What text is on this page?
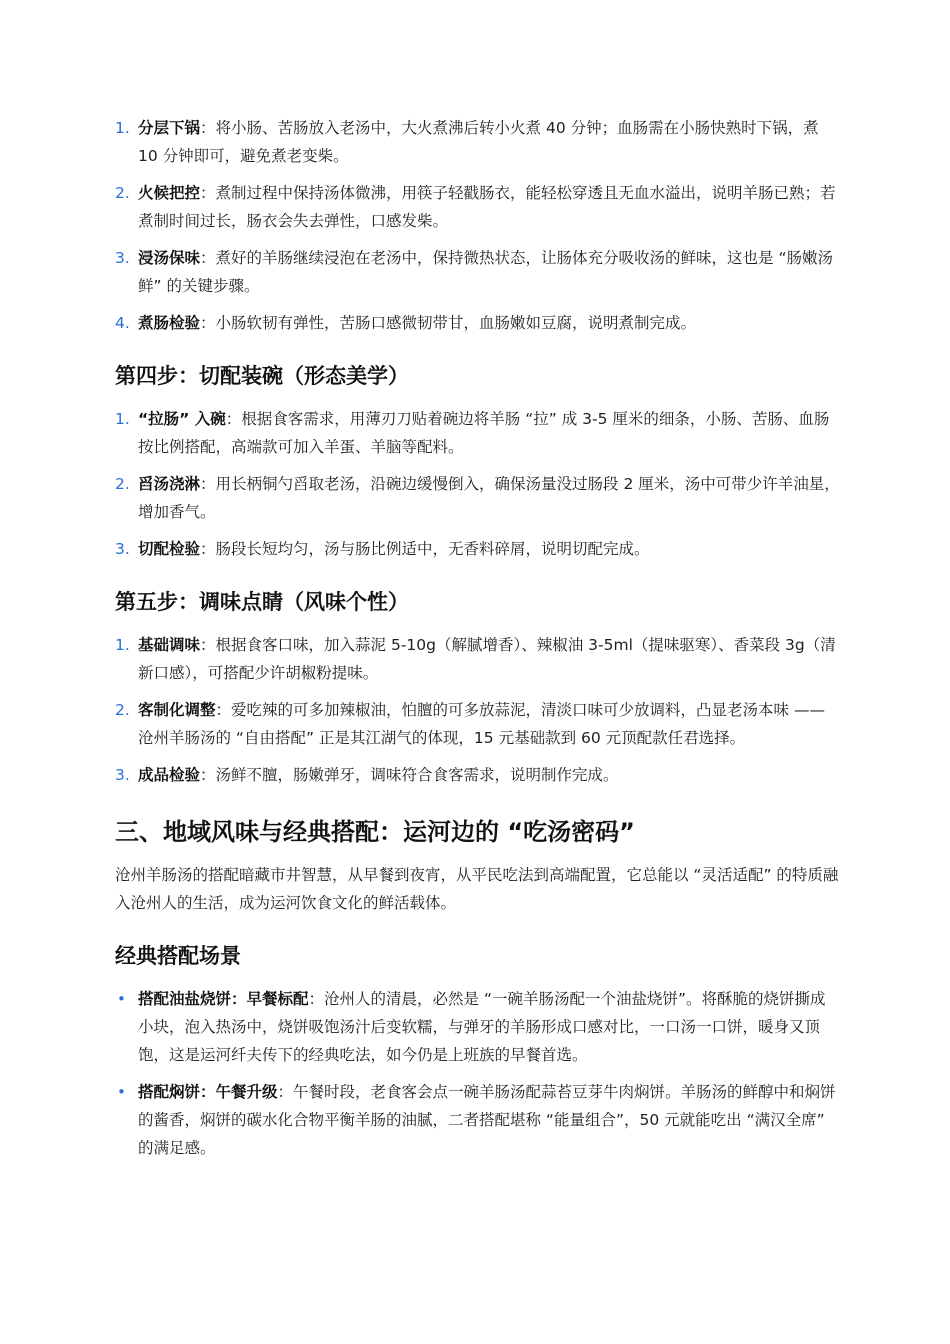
1. 分层下锅：将小肠、苦肠放入老汤中，大火煮沸后转小火煮 40 分钟；血肠需在小肠快熟时下锅，煮 10 分钟即可，避免煮老变柴。
2. 火候把控：煮制过程中保持汤体微沸，用筷子轻戳肠衣，能轻松穿透且无血水溢出，说明羊肠已熟；若煮制时间过长，肠衣会失去弹性，口感发柴。
3. 浸汤保味：煮好的羊肠继续浸泡在老汤中，保持微热状态，让肠体充分吸收汤的鲜味，这也是 “肠嫩汤鲜” 的关键步骤。
4. 煮肠检验：小肠软韧有弹性，苦肠口感微韧带甘，血肠嫩如豆腐，说明煮制完成。
第四步：切配装碗（形态美学）
1. “拉肠” 入碗：根据食客需求，用薄刃刀贴着碗边将羊肠 “拉” 成 3-5 厘米的细条，小肠、苦肠、血肠按比例搭配，高端款可加入羊蛋、羊脑等配料。
2. 舀汤浇淋：用长柄铜勺舀取老汤，沿碗边缓慢倒入，确保汤量没过肠段 2 厘米，汤中可带少许羊油星，增加香气。
3. 切配检验：肠段长短均匀，汤与肠比例适中，无香料碎屑，说明切配完成。
第五步：调味点睛（风味个性）
1. 基础调味：根据食客口味，加入蒜泥 5-10g（解腻增香）、辣椒油 3-5ml（提味驱寒）、香菜段 3g（清新口感），可搭配少许胡椒粉提味。
2. 客制化调整：爱吃辣的可多加辣椒油，怕膻的可多放蒜泥，清淡口味可少放调料，凸显老汤本味 —— 沧州羊肠汤的 “自由搭配” 正是其江湖气的体现，15 元基础款到 60 元顶配款任君选择。
3. 成品检验：汤鲜不膻，肠嫩弹牙，调味符合食客需求，说明制作完成。
三、地域风味与经典搭配：运河边的 “吃汤密码”

沧州羊肠汤的搭配暗藏市井智慧，从早餐到夜宵，从平民吃法到高端配置，它总能以 “灵活适配” 的特质融入沧州人的生活，成为运河饮食文化的鲜活载体。

经典搭配场景
• 搭配油盐烧饼：早餐标配：沧州人的清晨，必然是 “一碗羊肠汤配一个油盐烧饼”。将酥脆的烧饼撕成小块，泡入热汤中，烧饼吸饱汤汁后变软糯，与弹牙的羊肠形成口感对比，一口汤一口饼，暖身又顶饱，这是运河纤夫传下的经典吃法，如今仍是上班族的早餐首选。
• 搭配焖饼：午餐升级：午餐时段，老食客会点一碗羊肠汤配蒜苔豆芽牛肉焖饼。羊肠汤的鲜醇中和焖饼的酱香，焖饼的碳水化合物平衡羊肠的油腻，二者搭配堪称 “能量组合”，50 元就能吃出 “满汉全席” 的满足感。
